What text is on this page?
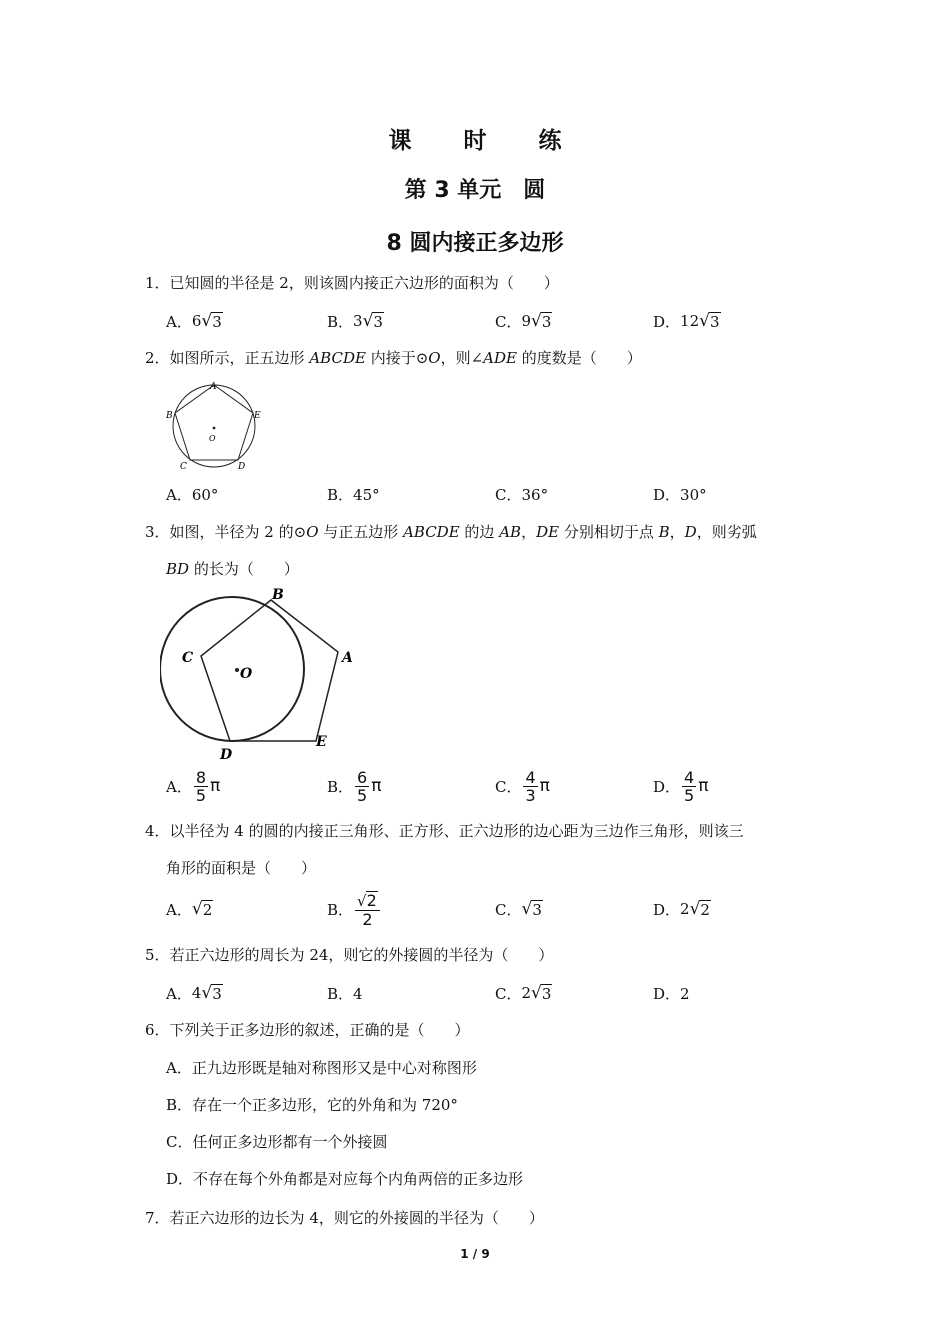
课 时 练
第 3 单元　圆
8 圆内接正多边形
1．已知圆的半径是 2，则该圆内接正六边形的面积为（　　）
A． 6 √ 3	B． 3 √ 3	C． 9 √ 3	D． 12 √ 3
2．如图所示，正五边形 ABCDE 内接于⊙O，则∠ADE 的度数是（　　）
A
B
C	D
E
O
A．60°	B．45°	C．36°	D．30°
3．如图，半径为 2 的⊙O 与正五边形 ABCDE 的边 AB，DE 分别相切于点 B，D，则劣弧
BD 的长为（　　）
B
A
C
O
D
E
A． $\frac{8}{5}$ π	B． $\frac{6}{5}$ π	C． $\frac{4}{3}$ π	D． $\frac{4}{5}$ π
4．以半径为 4 的圆的内接正三角形、正方形、正六边形的边心距为三边作三角形，则该三
角形的面积是（　　）
A． √ 2	B． $\frac{√2}{2}$	C． √ 3	D． 2 √ 2
5．若正六边形的周长为 24，则它的外接圆的半径为（　　）
A． 4 √ 3	B．4	C． 2 √ 3	D．2
6．下列关于正多边形的叙述，正确的是（　　）
A．正九边形既是轴对称图形又是中心对称图形
B．存在一个正多边形，它的外角和为 720°
C．任何正多边形都有一个外接圆
D．不存在每个外角都是对应每个内角两倍的正多边形
7．若正六边形的边长为 4，则它的外接圆的半径为（　　）
1 / 9
